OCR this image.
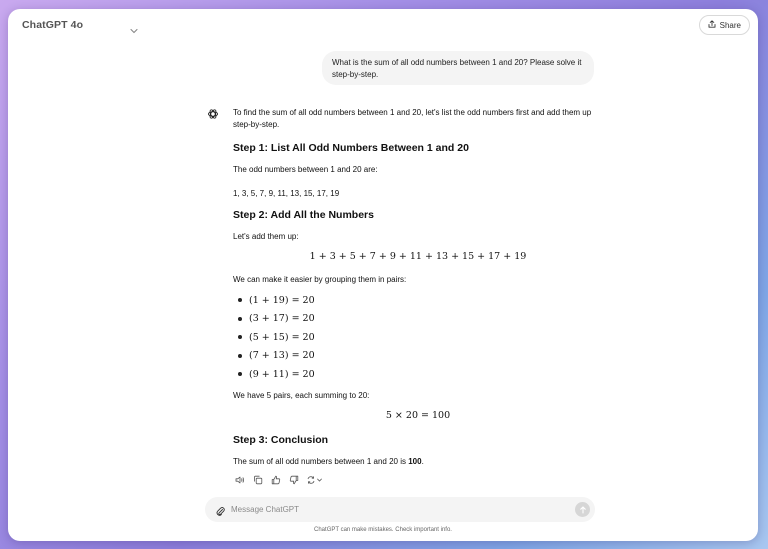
ChatGPT 4o	Share
What is the sum of all odd numbers between 1 and 20? Please solve it step-by-step.

To find the sum of all odd numbers between 1 and 20, let's list the odd numbers first and add them up step-by-step.

Step 1: List All Odd Numbers Between 1 and 20

The odd numbers between 1 and 20 are:

1, 3, 5, 7, 9, 11, 13, 15, 17, 19

Step 2: Add All the Numbers

Let's add them up:

1 + 3 + 5 + 7 + 9 + 11 + 13 + 15 + 17 + 19

We can make it easier by grouping them in pairs:

(1 + 19) = 20
(3 + 17) = 20
(5 + 15) = 20
(7 + 13) = 20
(9 + 11) = 20

We have 5 pairs, each summing to 20:

5 × 20 = 100
Step 3: Conclusion

The sum of all odd numbers between 1 and 20 is 100.

Message ChatGPT
ChatGPT can make mistakes. Check important info.
